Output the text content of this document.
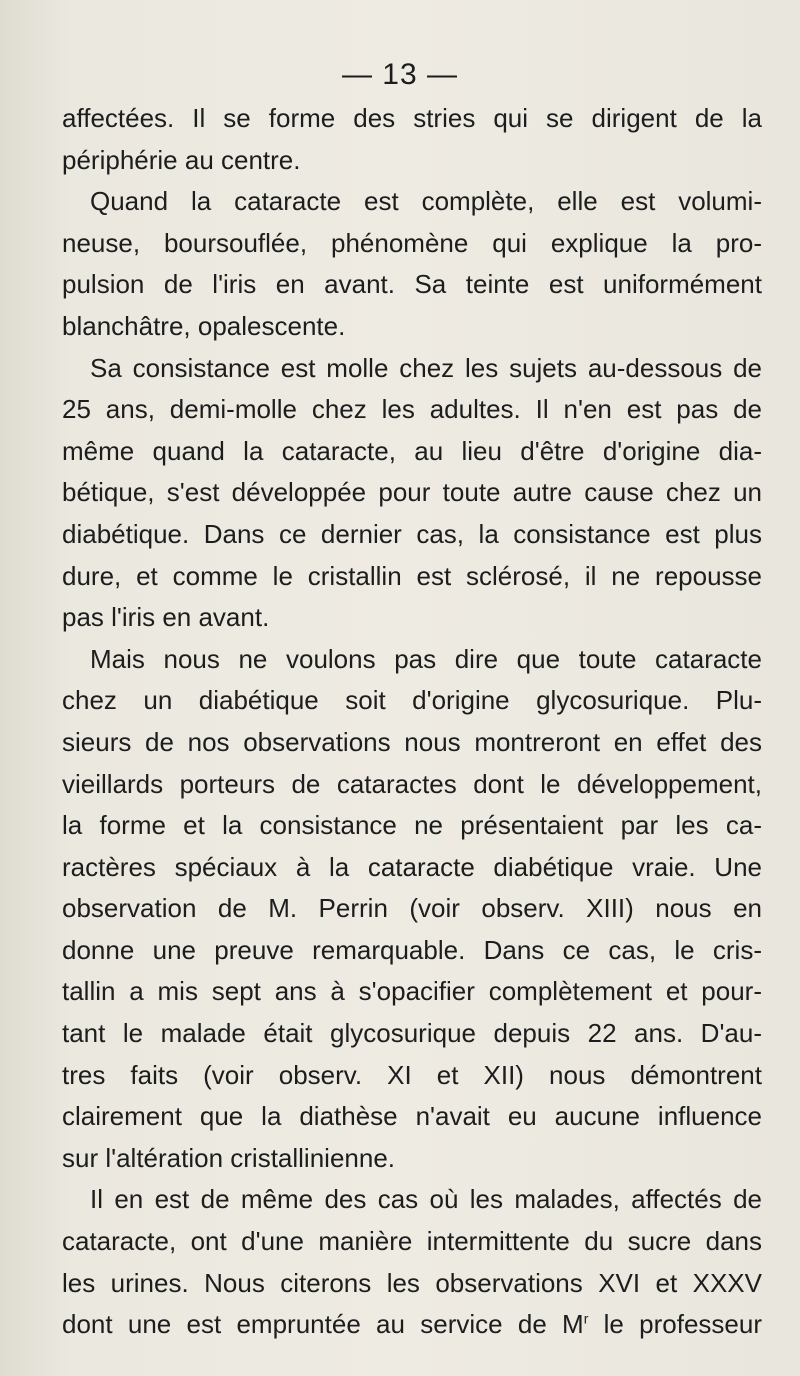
— 13 —
affectées. Il se forme des stries qui se dirigent de la
périphérie au centre.
Quand la cataracte est complète, elle est volumi-
neuse, boursouflée, phénomène qui explique la pro-
pulsion de l'iris en avant. Sa teinte est uniformément
blanchâtre, opalescente.
Sa consistance est molle chez les sujets au-dessous de
25 ans, demi-molle chez les adultes. Il n'en est pas de
même quand la cataracte, au lieu d'être d'origine dia-
bétique, s'est développée pour toute autre cause chez un
diabétique. Dans ce dernier cas, la consistance est plus
dure, et comme le cristallin est sclérosé, il ne repousse
pas l'iris en avant.
Mais nous ne voulons pas dire que toute cataracte
chez un diabétique soit d'origine glycosurique. Plu-
sieurs de nos observations nous montreront en effet des
vieillards porteurs de cataractes dont le développement,
la forme et la consistance ne présentaient par les ca-
ractères spéciaux à la cataracte diabétique vraie. Une
observation de M. Perrin (voir observ. XIII) nous en
donne une preuve remarquable. Dans ce cas, le cris-
tallin a mis sept ans à s'opacifier complètement et pour-
tant le malade était glycosurique depuis 22 ans. D'au-
tres faits (voir observ. XI et XII) nous démontrent
clairement que la diathèse n'avait eu aucune influence
sur l'altération cristallinienne.
Il en est de même des cas où les malades, affectés de
cataracte, ont d'une manière intermittente du sucre dans
les urines. Nous citerons les observations XVI et XXXV
dont une est empruntée au service de $M^r$ le professeur
